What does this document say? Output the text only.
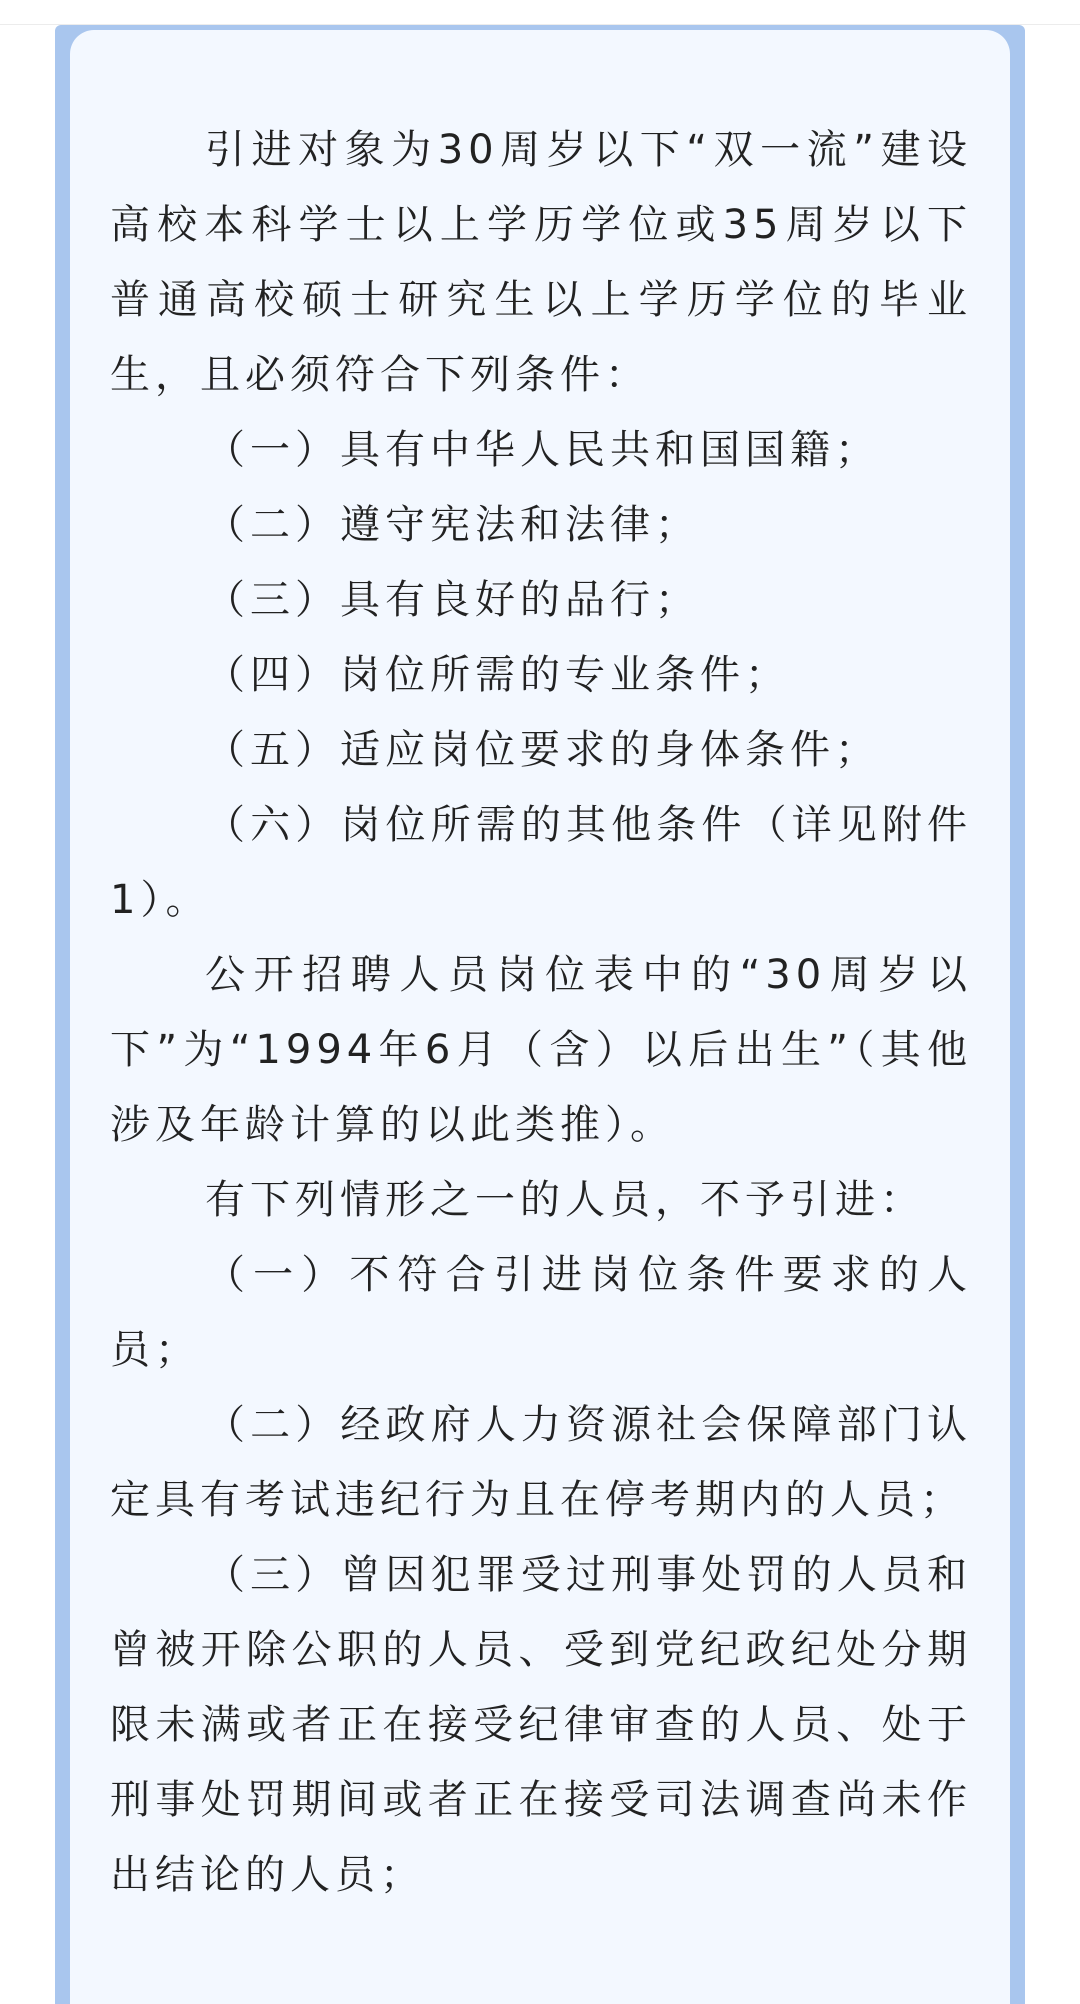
引进对象为30周岁以下“双一流”建设高校本科学士以上学历学位或35周岁以下普通高校硕士研究生以上学历学位的毕业生，且必须符合下列条件：

（一）具有中华人民共和国国籍；

（二）遵守宪法和法律；

（三）具有良好的品行；

（四）岗位所需的专业条件；

（五）适应岗位要求的身体条件；

（六）岗位所需的其他条件（详见附件1）。

公开招聘人员岗位表中的“30周岁以下”为“1994年6月（含）以后出生”（其他涉及年龄计算的以此类推）。

有下列情形之一的人员，不予引进：

（一）不符合引进岗位条件要求的人员；

（二）经政府人力资源社会保障部门认定具有考试违纪行为且在停考期内的人员；

（三）曾因犯罪受过刑事处罚的人员和曾被开除公职的人员、受到党纪政纪处分期限未满或者正在接受纪律审查的人员、处于刑事处罚期间或者正在接受司法调查尚未作出结论的人员；
